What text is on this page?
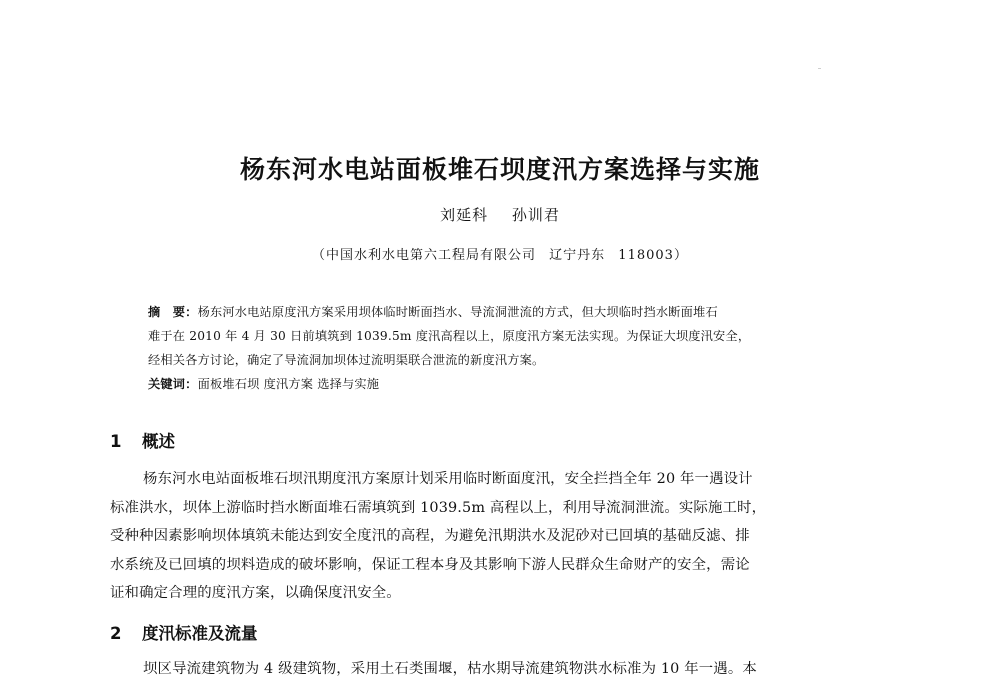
杨东河水电站面板堆石坝度汛方案选择与实施
刘延科 孙训君
（中国水利水电第六工程局有限公司 辽宁丹东 118003）
摘　要：杨东河水电站原度汛方案采用坝体临时断面挡水、导流洞泄流的方式，但大坝临时挡水断面堆石
难于在 2010 年 4 月 30 日前填筑到 1039.5m 度汛高程以上，原度汛方案无法实现。为保证大坝度汛安全，
经相关各方讨论，确定了导流洞加坝体过流明渠联合泄流的新度汛方案。
关键词：面板堆石坝 度汛方案 选择与实施
1 概述
杨东河水电站面板堆石坝汛期度汛方案原计划采用临时断面度汛，安全拦挡全年 20 年一遇设计
标准洪水，坝体上游临时挡水断面堆石需填筑到 1039.5m 高程以上，利用导流洞泄流。实际施工时，
受种种因素影响坝体填筑未能达到安全度汛的高程，为避免汛期洪水及泥砂对已回填的基础反滤、排
水系统及已回填的坝料造成的破坏影响，保证工程本身及其影响下游人民群众生命财产的安全，需论
证和确定合理的度汛方案，以确保度汛安全。
2 度汛标准及流量
坝区导流建筑物为 4 级建筑物，采用土石类围堰，枯水期导流建筑物洪水标准为 10 年一遇。本
